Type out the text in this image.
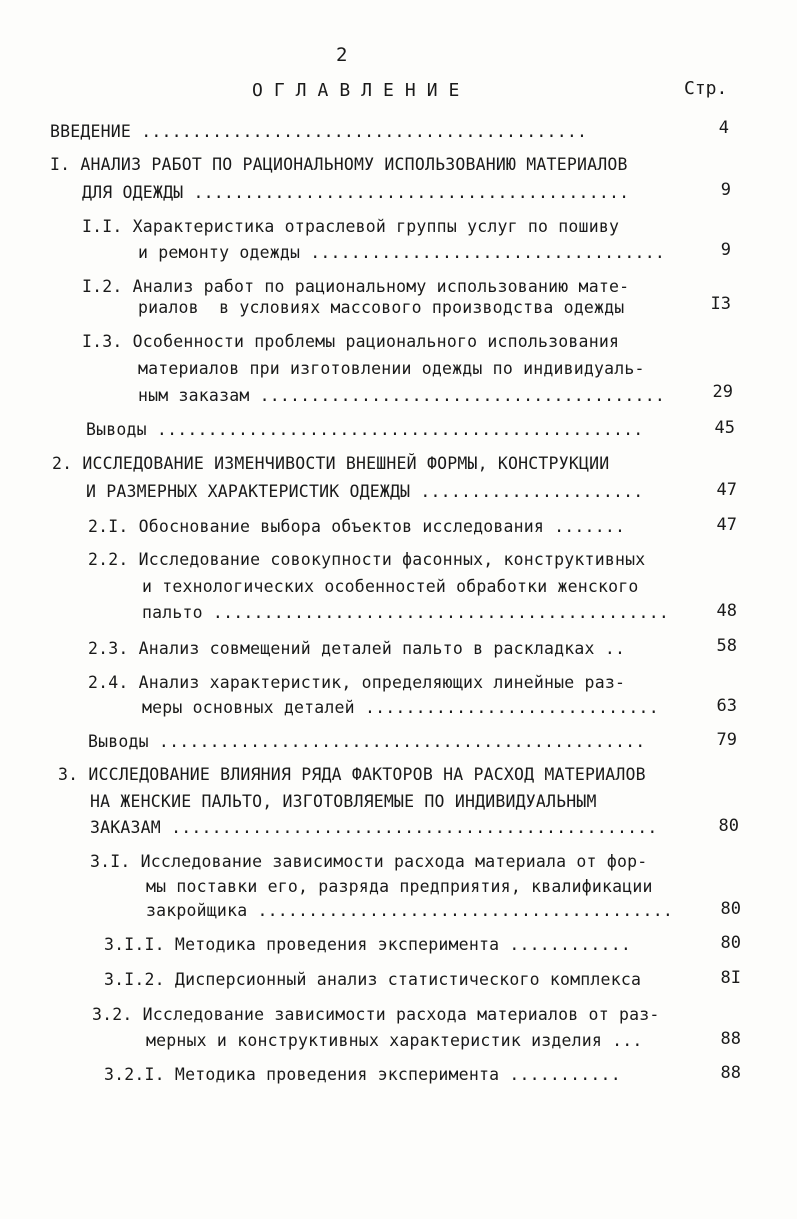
2
ОГЛАВЛЕНИЕ	Стр.
ВВЕДЕНИЕ ............................................	4
I. АНАЛИЗ РАБОТ ПО РАЦИОНАЛЬНОМУ ИСПОЛЬЗОВАНИЮ МАТЕРИАЛОВ
ДЛЯ ОДЕЖДЫ ...........................................	9
I.I. Характеристика отраслевой группы услуг по пошиву
и ремонту одежды ...................................	9
I.2. Анализ работ по рациональному использованию мате-
риалов  в условиях массового производства одежды	I3
I.3. Особенности проблемы рационального использования
материалов при изготовлении одежды по индивидуаль-
ным заказам ........................................	29
Выводы ................................................	45
2. ИССЛЕДОВАНИЕ ИЗМЕНЧИВОСТИ ВНЕШНЕЙ ФОРМЫ, КОНСТРУКЦИИ
И РАЗМЕРНЫХ ХАРАКТЕРИСТИК ОДЕЖДЫ ......................	47
2.I. Обоснование выбора объектов исследования .......	47
2.2. Исследование совокупности фасонных, конструктивных
и технологических особенностей обработки женского
пальто .............................................	48
2.3. Анализ совмещений деталей пальто в раскладках ..	58
2.4. Анализ характеристик, определяющих линейные раз-
меры основных деталей .............................	63
Выводы ................................................	79
3. ИССЛЕДОВАНИЕ ВЛИЯНИЯ РЯДА ФАКТОРОВ НА РАСХОД МАТЕРИАЛОВ
НА ЖЕНСКИЕ ПАЛЬТО, ИЗГОТОВЛЯЕМЫЕ ПО ИНДИВИДУАЛЬНЫМ
ЗАКАЗАМ ................................................	80
3.I. Исследование зависимости расхода материала от фор-
мы поставки его, разряда предприятия, квалификации
закройщика .........................................	80
3.I.I. Методика проведения эксперимента ............	80
3.I.2. Дисперсионный анализ статистического комплекса	8I
3.2. Исследование зависимости расхода материалов от раз-
мерных и конструктивных характеристик изделия ...	88
3.2.I. Методика проведения эксперимента ...........	88
